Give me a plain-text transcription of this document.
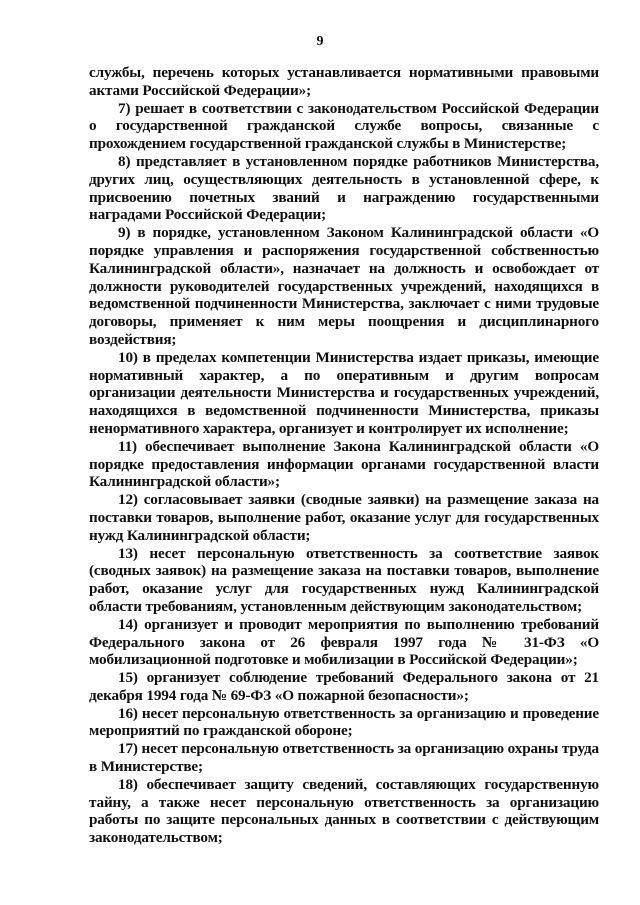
9

службы, перечень которых устанавливается нормативными правовыми актами Российской Федерации»;

7) решает в соответствии с законодательством Российской Федерации о государственной гражданской службе вопросы, связанные с прохождением государственной гражданской службы в Министерстве;

8) представляет в установленном порядке работников Министерства, других лиц, осуществляющих деятельность в установленной сфере, к присвоению почетных званий и награждению государственными наградами Российской Федерации;

9) в порядке, установленном Законом Калининградской области «О порядке управления и распоряжения государственной собственностью Калининградской области», назначает на должность и освобождает от должности руководителей государственных учреждений, находящихся в ведомственной подчиненности Министерства, заключает с ними трудовые договоры, применяет к ним меры поощрения и дисциплинарного воздействия;

10) в пределах компетенции Министерства издает приказы, имеющие нормативный характер, а по оперативным и другим вопросам организации деятельности Министерства и государственных учреждений, находящихся в ведомственной подчиненности Министерства, приказы ненормативного характера, организует и контролирует их исполнение;

11) обеспечивает выполнение Закона Калининградской области «О порядке предоставления информации органами государственной власти Калининградской области»;

12) согласовывает заявки (сводные заявки) на размещение заказа на поставки товаров, выполнение работ, оказание услуг для государственных нужд Калининградской области;

13) несет персональную ответственность за соответствие заявок (сводных заявок) на размещение заказа на поставки товаров, выполнение работ, оказание услуг для государственных нужд Калининградской области требованиям, установленным действующим законодательством;

14) организует и проводит мероприятия по выполнению требований Федерального закона от 26 февраля 1997 года № 31-ФЗ «О мобилизационной подготовке и мобилизации в Российской Федерации»;

15) организует соблюдение требований Федерального закона от 21 декабря 1994 года № 69-ФЗ «О пожарной безопасности»;

16) несет персональную ответственность за организацию и проведение мероприятий по гражданской обороне;

17) несет персональную ответственность за организацию охраны труда в Министерстве;

18) обеспечивает защиту сведений, составляющих государственную тайну, а также несет персональную ответственность за организацию работы по защите персональных данных в соответствии с действующим законодательством;
